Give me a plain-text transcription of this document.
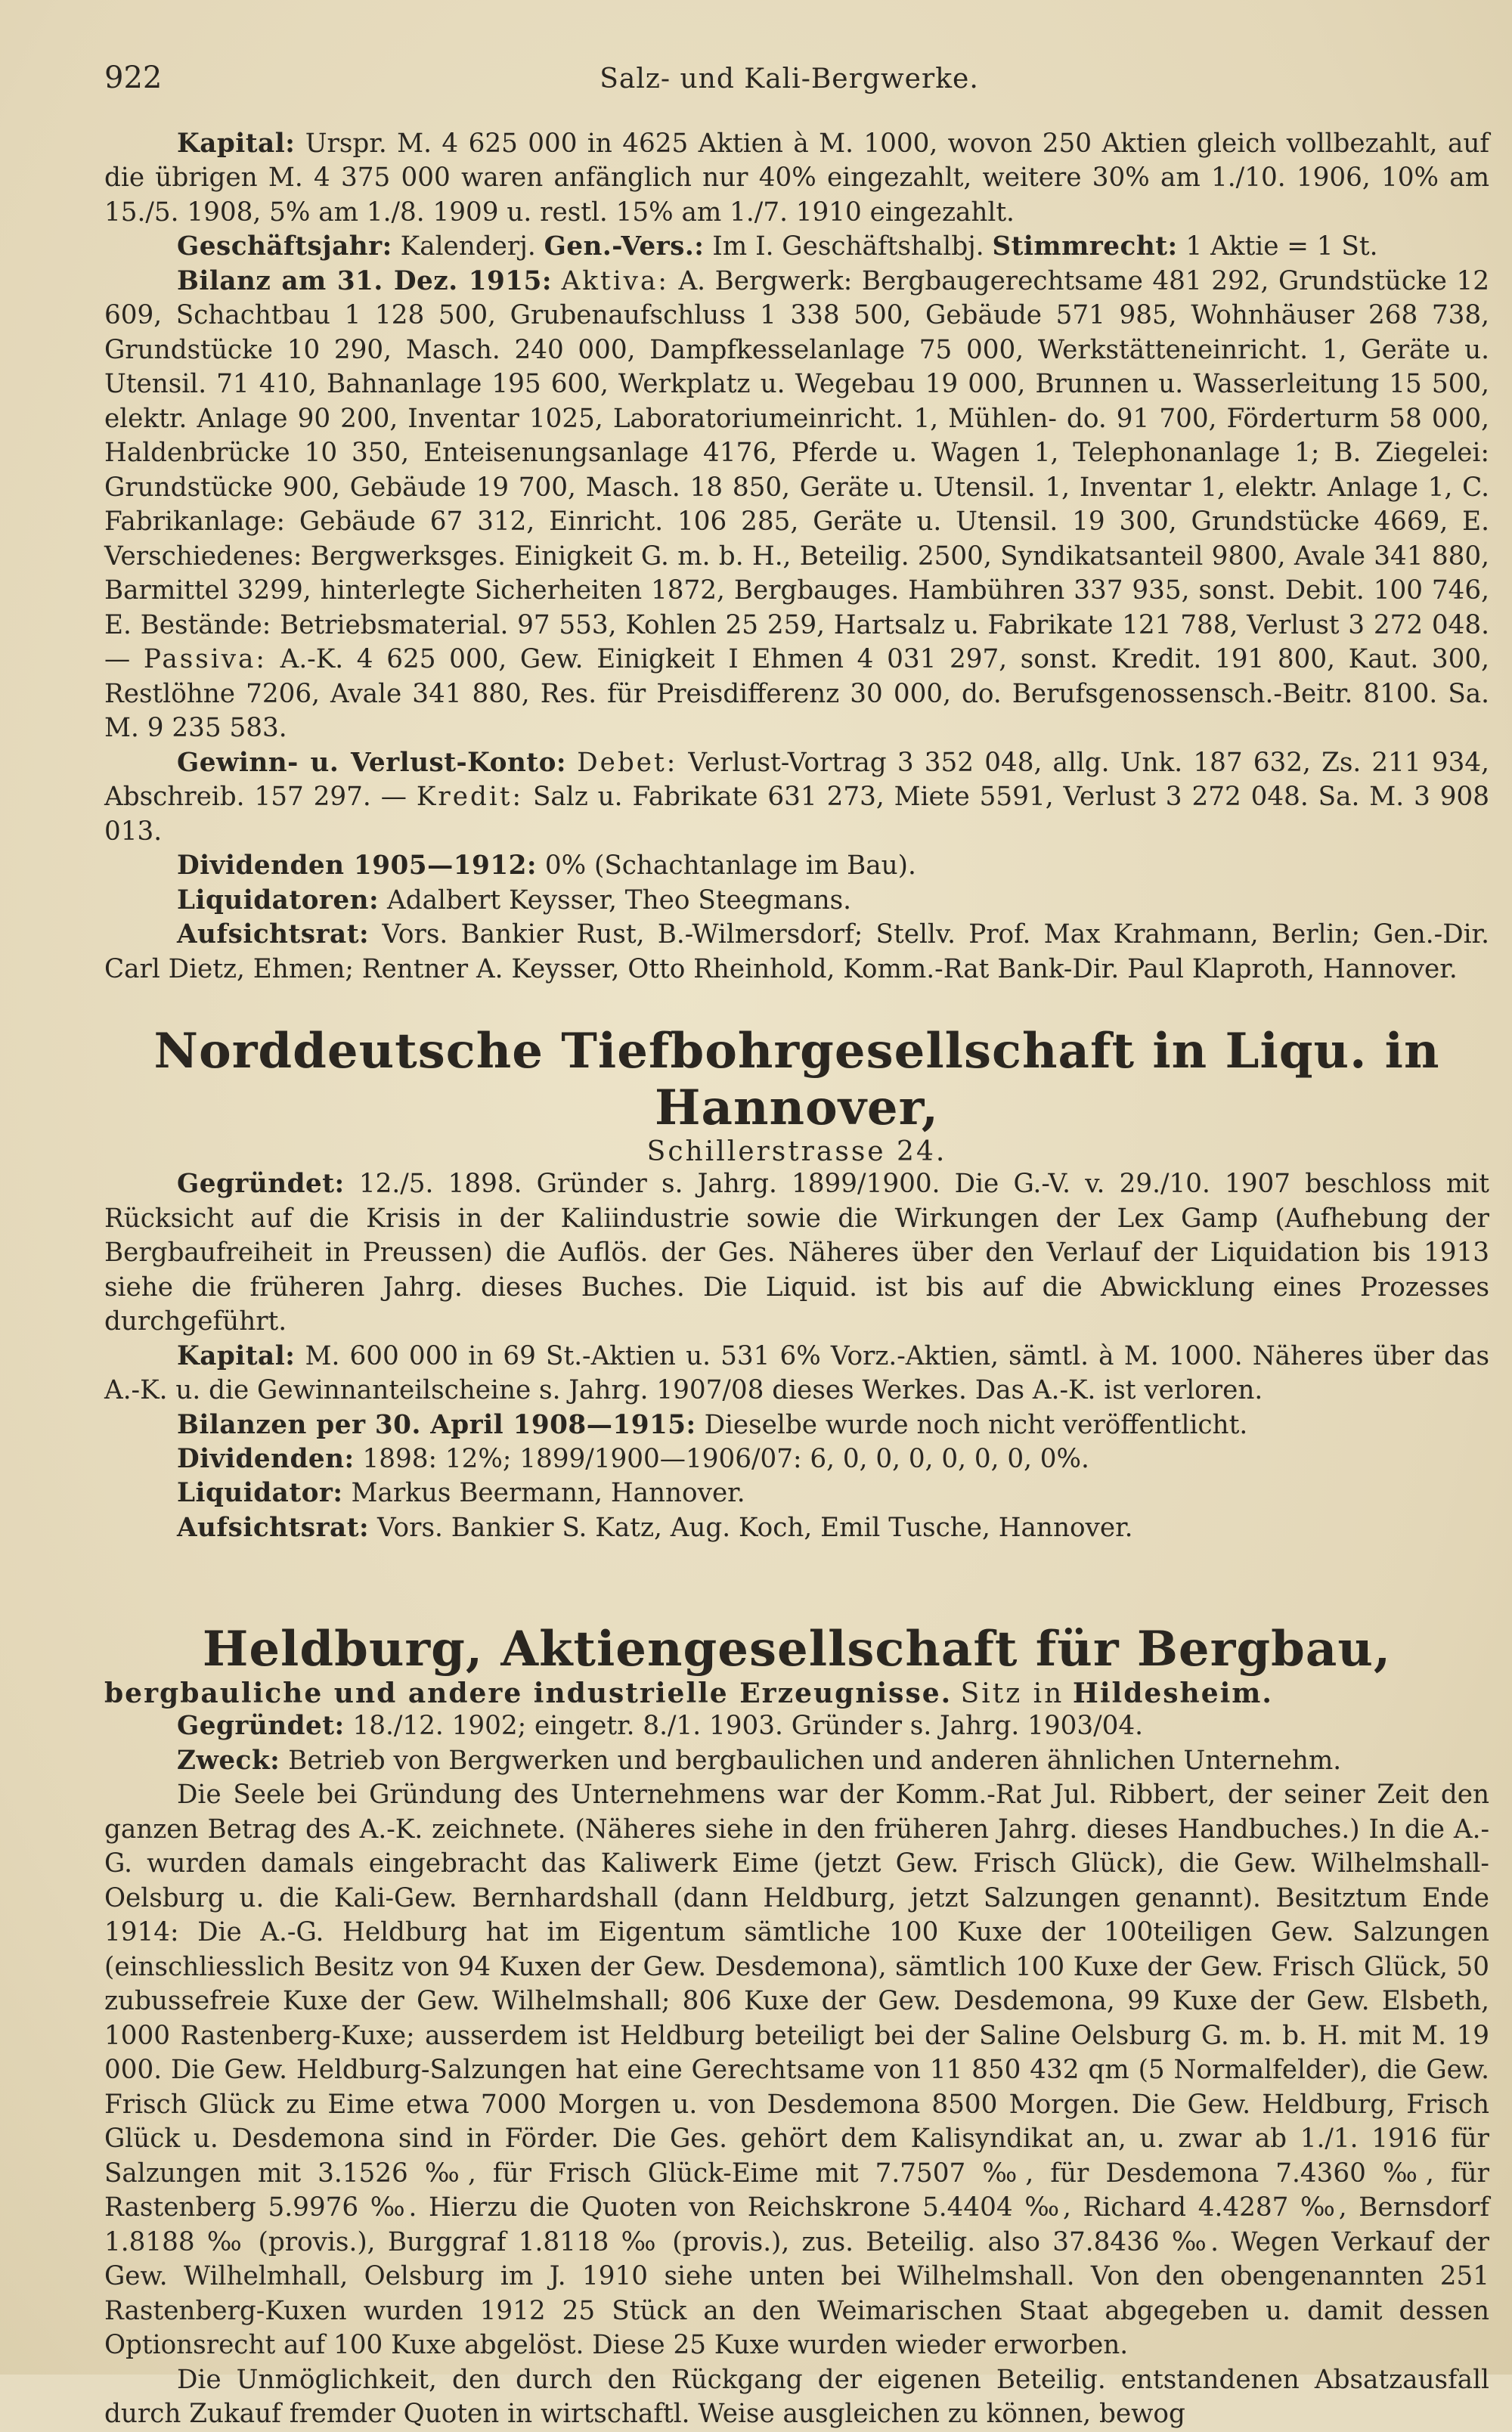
922	Salz- und Kali-Bergwerke.

Kapital: Urspr. M. 4 625 000 in 4625 Aktien à M. 1000, wovon 250 Aktien gleich vollbezahlt, auf die übrigen M. 4 375 000 waren anfänglich nur 40% eingezahlt, weitere 30% am 1./10. 1906, 10% am 15./5. 1908, 5% am 1./8. 1909 u. restl. 15% am 1./7. 1910 eingezahlt.

Geschäftsjahr: Kalenderj. Gen.-Vers.: Im I. Geschäftshalbj. Stimmrecht: 1 Aktie = 1 St.

Bilanz am 31. Dez. 1915: Aktiva: A. Bergwerk: Bergbaugerechtsame 481 292, Grundstücke 12 609, Schachtbau 1 128 500, Grubenaufschluss 1 338 500, Gebäude 571 985, Wohnhäuser 268 738, Grundstücke 10 290, Masch. 240 000, Dampfkesselanlage 75 000, Werkstätteneinricht. 1, Geräte u. Utensil. 71 410, Bahnanlage 195 600, Werkplatz u. Wegebau 19 000, Brunnen u. Wasserleitung 15 500, elektr. Anlage 90 200, Inventar 1025, Laboratoriumeinricht. 1, Mühlen- do. 91 700, Förderturm 58 000, Haldenbrücke 10 350, Enteisenungsanlage 4176, Pferde u. Wagen 1, Telephonanlage 1; B. Ziegelei: Grundstücke 900, Gebäude 19 700, Masch. 18 850, Geräte u. Utensil. 1, Inventar 1, elektr. Anlage 1, C. Fabrikanlage: Gebäude 67 312, Einricht. 106 285, Geräte u. Utensil. 19 300, Grundstücke 4669, E. Verschiedenes: Bergwerksges. Einigkeit G. m. b. H., Beteilig. 2500, Syndikatsanteil 9800, Avale 341 880, Barmittel 3299, hinterlegte Sicherheiten 1872, Bergbauges. Hambühren 337 935, sonst. Debit. 100 746, E. Bestände: Betriebsmaterial. 97 553, Kohlen 25 259, Hartsalz u. Fabrikate 121 788, Verlust 3 272 048. — Passiva: A.-K. 4 625 000, Gew. Einigkeit I Ehmen 4 031 297, sonst. Kredit. 191 800, Kaut. 300, Restlöhne 7206, Avale 341 880, Res. für Preisdifferenz 30 000, do. Berufsgenossensch.-Beitr. 8100. Sa. M. 9 235 583.

Gewinn- u. Verlust-Konto: Debet: Verlust-Vortrag 3 352 048, allg. Unk. 187 632, Zs. 211 934, Abschreib. 157 297. — Kredit: Salz u. Fabrikate 631 273, Miete 5591, Verlust 3 272 048. Sa. M. 3 908 013.

Dividenden 1905—1912: 0% (Schachtanlage im Bau).

Liquidatoren: Adalbert Keysser, Theo Steegmans.

Aufsichtsrat: Vors. Bankier Rust, B.-Wilmersdorf; Stellv. Prof. Max Krahmann, Berlin; Gen.-Dir. Carl Dietz, Ehmen; Rentner A. Keysser, Otto Rheinhold, Komm.-Rat Bank-Dir. Paul Klaproth, Hannover.

Norddeutsche Tiefbohrgesellschaft in Liqu. in Hannover,

Schillerstrasse 24.

Gegründet: 12./5. 1898. Gründer s. Jahrg. 1899/1900. Die G.-V. v. 29./10. 1907 beschloss mit Rücksicht auf die Krisis in der Kaliindustrie sowie die Wirkungen der Lex Gamp (Aufhebung der Bergbaufreiheit in Preussen) die Auflös. der Ges. Näheres über den Verlauf der Liquidation bis 1913 siehe die früheren Jahrg. dieses Buches. Die Liquid. ist bis auf die Abwicklung eines Prozesses durchgeführt.

Kapital: M. 600 000 in 69 St.-Aktien u. 531 6% Vorz.-Aktien, sämtl. à M. 1000. Näheres über das A.-K. u. die Gewinnanteilscheine s. Jahrg. 1907/08 dieses Werkes. Das A.-K. ist verloren.

Bilanzen per 30. April 1908—1915: Dieselbe wurde noch nicht veröffentlicht.

Dividenden: 1898: 12%; 1899/1900—1906/07: 6, 0, 0, 0, 0, 0, 0, 0%.

Liquidator: Markus Beermann, Hannover.

Aufsichtsrat: Vors. Bankier S. Katz, Aug. Koch, Emil Tusche, Hannover.

Heldburg, Aktiengesellschaft für Bergbau,

bergbauliche und andere industrielle Erzeugnisse. Sitz in Hildesheim.

Gegründet: 18./12. 1902; eingetr. 8./1. 1903. Gründer s. Jahrg. 1903/04.

Zweck: Betrieb von Bergwerken und bergbaulichen und anderen ähnlichen Unternehm.

Die Seele bei Gründung des Unternehmens war der Komm.-Rat Jul. Ribbert, der seiner Zeit den ganzen Betrag des A.-K. zeichnete. (Näheres siehe in den früheren Jahrg. dieses Handbuches.) In die A.-G. wurden damals eingebracht das Kaliwerk Eime (jetzt Gew. Frisch Glück), die Gew. Wilhelmshall-Oelsburg u. die Kali-Gew. Bernhardshall (dann Heldburg, jetzt Salzungen genannt). Besitztum Ende 1914: Die A.-G. Heldburg hat im Eigentum sämtliche 100 Kuxe der 100teiligen Gew. Salzungen (einschliesslich Besitz von 94 Kuxen der Gew. Desdemona), sämtlich 100 Kuxe der Gew. Frisch Glück, 50 zubussefreie Kuxe der Gew. Wilhelmshall; 806 Kuxe der Gew. Desdemona, 99 Kuxe der Gew. Elsbeth, 1000 Rastenberg-Kuxe; ausserdem ist Heldburg beteiligt bei der Saline Oelsburg G. m. b. H. mit M. 19 000. Die Gew. Heldburg-Salzungen hat eine Gerechtsame von 11 850 432 qm (5 Normalfelder), die Gew. Frisch Glück zu Eime etwa 7000 Morgen u. von Desdemona 8500 Morgen. Die Gew. Heldburg, Frisch Glück u. Desdemona sind in Förder. Die Ges. gehört dem Kalisyndikat an, u. zwar ab 1./1. 1916 für Salzungen mit 3.1526 ‰, für Frisch Glück-Eime mit 7.7507 ‰, für Desdemona 7.4360 ‰, für Rastenberg 5.9976 ‰. Hierzu die Quoten von Reichskrone 5.4404 ‰, Richard 4.4287 ‰, Bernsdorf 1.8188 ‰ (provis.), Burggraf 1.8118 ‰ (provis.), zus. Beteilig. also 37.8436 ‰. Wegen Verkauf der Gew. Wilhelmhall, Oelsburg im J. 1910 siehe unten bei Wilhelmshall. Von den obengenannten 251 Rastenberg-Kuxen wurden 1912 25 Stück an den Weimarischen Staat abgegeben u. damit dessen Optionsrecht auf 100 Kuxe abgelöst. Diese 25 Kuxe wurden wieder erworben.

Die Unmöglichkeit, den durch den Rückgang der eigenen Beteilig. entstandenen Absatzausfall durch Zukauf fremder Quoten in wirtschaftl. Weise ausgleichen zu können, bewog
